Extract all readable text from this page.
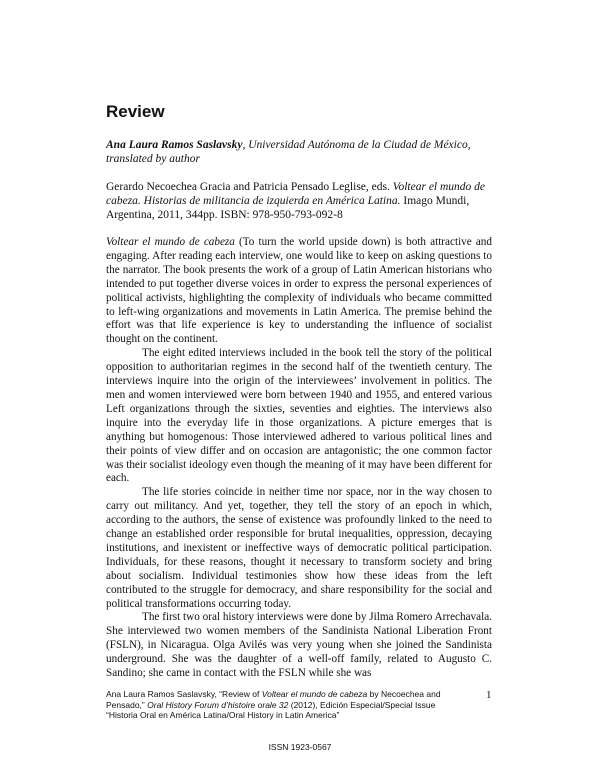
Review
Ana Laura Ramos Saslavsky, Universidad Autónoma de la Ciudad de México,
translated by author
Gerardo Necoechea Gracia and Patricia Pensado Leglise, eds. Voltear el mundo de cabeza. Historias de militancia de izquierda en América Latina. Imago Mundi, Argentina, 2011, 344pp. ISBN: 978-950-793-092-8

Voltear el mundo de cabeza (To turn the world upside down) is both attractive and engaging. After reading each interview, one would like to keep on asking questions to the narrator. The book presents the work of a group of Latin American historians who intended to put together diverse voices in order to express the personal experiences of political activists, highlighting the complexity of individuals who became committed to left-wing organizations and movements in Latin America. The premise behind the effort was that life experience is key to understanding the influence of socialist thought on the continent.

The eight edited interviews included in the book tell the story of the political opposition to authoritarian regimes in the second half of the twentieth century. The interviews inquire into the origin of the interviewees’ involvement in politics. The men and women interviewed were born between 1940 and 1955, and entered various Left organizations through the sixties, seventies and eighties. The interviews also inquire into the everyday life in those organizations. A picture emerges that is anything but homogenous: Those interviewed adhered to various political lines and their points of view differ and on occasion are antagonistic; the one common factor was their socialist ideology even though the meaning of it may have been different for each.

The life stories coincide in neither time nor space, nor in the way chosen to carry out militancy. And yet, together, they tell the story of an epoch in which, according to the authors, the sense of existence was profoundly linked to the need to change an established order responsible for brutal inequalities, oppression, decaying institutions, and inexistent or ineffective ways of democratic political participation. Individuals, for these reasons, thought it necessary to transform society and bring about socialism. Individual testimonies show how these ideas from the left contributed to the struggle for democracy, and share responsibility for the social and political transformations occurring today.

The first two oral history interviews were done by Jilma Romero Arrechavala. She interviewed two women members of the Sandinista National Liberation Front (FSLN), in Nicaragua. Olga Avilés was very young when she joined the Sandinista underground. She was the daughter of a well-off family, related to Augusto C. Sandino; she came in contact with the FSLN while she was

Ana Laura Ramos Saslavsky, “Review of Voltear el mundo de cabeza by Necoechea and Pensado,” Oral History Forum d’histoire orale 32 (2012), Edición Especial/Special Issue “Historia Oral en América Latina/Oral History in Latin America”
1
ISSN 1923-0567
